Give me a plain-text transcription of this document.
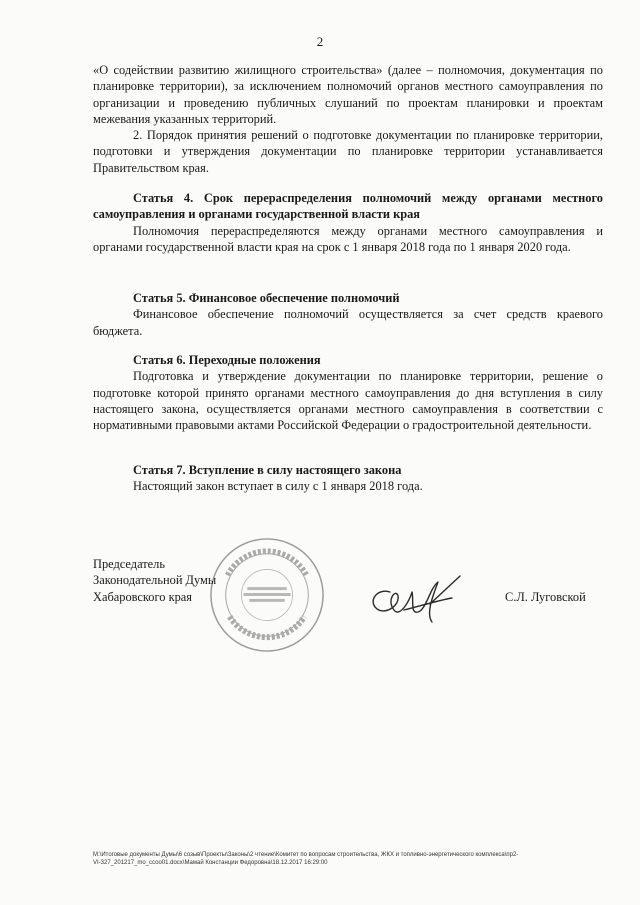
2

«О содействии развитию жилищного строительства» (далее – полномочия, документация по планировке территории), за исключением полномочий органов местного самоуправления по организации и проведению публичных слушаний по проектам планировки и проектам межевания указанных территорий.

2. Порядок принятия решений о подготовке документации по планировке территории, подготовки и утверждения документации по планировке территории устанавливается Правительством края.

Статья 4. Срок перераспределения полномочий между органами местного самоуправления и органами государственной власти края

Полномочия перераспределяются между органами местного самоуправления и органами государственной власти края на срок с 1 января 2018 года по 1 января 2020 года.

Статья 5. Финансовое обеспечение полномочий

Финансовое обеспечение полномочий осуществляется за счет средств краевого бюджета.

Статья 6. Переходные положения

Подготовка и утверждение документации по планировке территории, решение о подготовке которой принято органами местного самоуправления до дня вступления в силу настоящего закона, осуществляется органами местного самоуправления в соответствии с нормативными правовыми актами Российской Федерации о градостроительной деятельности.

Статья 7. Вступление в силу настоящего закона

Настоящий закон вступает в силу с 1 января 2018 года.

Председатель
Законодательной Думы
Хабаровского края	С.Л. Луговской
М:\Итоговые документы Думы\6 созыв\Проекты\Законы\2 чтение\Комитет по вопросам строительства, ЖКХ и топливно-энергетического комплекса\пр2-
VI-327_201217_mo_ссоо01.docx\Мамай Констанции Федоровна\18.12.2017 16:29:00
